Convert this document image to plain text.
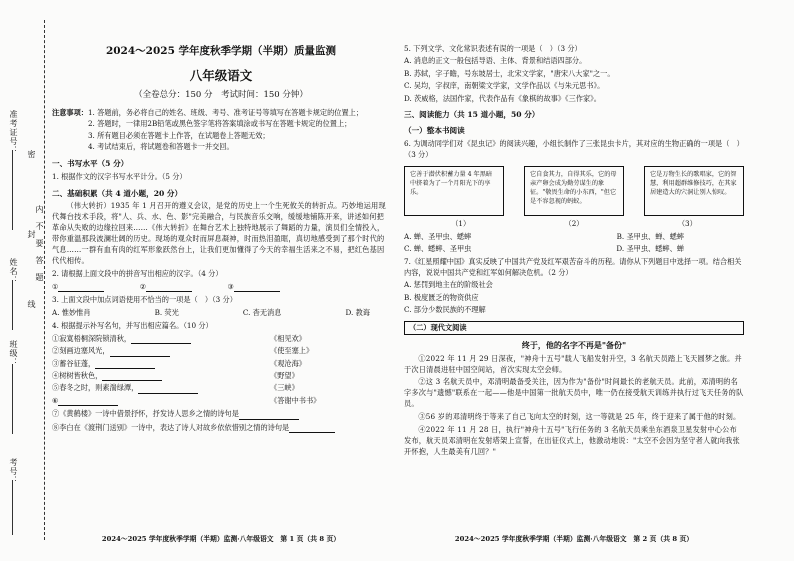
密
封
线
内
不
要
答
题
班级：
姓名：
考号：
准考证号：
2024～2025 学年度秋季学期（半期）质量监测
八年级语文
（全卷总分：150 分　考试时间：150 分钟）
注意事项： 1. 答题前，务必将自己的姓名、班级、考号、准考证号等填写在答题卡规定的位置上；
2. 答题时，一律用2B铅笔或黑色签字笔将答案填涂或书写在答题卡规定的位置上；
3. 所有题目必须在答题卡上作答，在试题卷上答题无效；
4. 考试结束后，将试题卷和答题卡一并交回。
一、书写水平（5 分）
1. 根据作文的汉字书写水平计分。（5 分）
二、基础积累（共 4 道小题，20 分）
（伟大转折）1935 年 1 月召开的遵义会议，是党的历史上一个生死攸关的转折点。巧妙地运用现代舞台技术手段，将"人、兵、水、色、影"完美融合，与民族音乐交响，缓缓地铺陈开来，讲述如何把革命从失败的边缘拉回来……《伟大转折》在舞台艺术上独特地展示了舞蹈的力量，演员们全情投入，带你重温那段波澜壮阔的历史。现场的观众时而屏息凝神，时而热泪盈眶，真切地感受到了那个时代的气息……一群有血有肉的红军形象跃然台上，让我们更加懂得了今天的幸福生活来之不易，把红色基因代代相传。
2. 请根据上面文段中的拼音写出相应的汉字。（4 分）
①	②	③
3. 上面文段中加点词语使用不恰当的一项是（　）（3 分）
A. 惟妙惟肖	B. 荧光	C. 杳无消息	D. 教诲
4. 根据提示补写名句，并写出相应篇名。（10 分）
①寂寞梧桐深院锁清秋，	《相见欢》
②刻画边塞风光，	《使至塞上》
③蓄谷征蓬，	《观沧海》
④树树皆秋色，	《野望》
⑤春冬之时，则素湍绿潭，	《三峡》
⑥	《答谢中书书》
⑦《黄鹤楼》一诗中借景抒怀，抒发诗人思乡之情的诗句是
⑧李白在《渡荆门送别》一诗中，表达了诗人对故乡依依惜别之情的诗句是
2024～2025 学年度秋季学期（半期）监测·八年级语文　第 1 页（共 8 页）
5. 下列文学、文化常识表述有误的一项是（　）（3 分）
A. 消息的正文一般包括导语、主体、背景和结语四部分。
B. 苏轼，字子瞻，号东坡居士，北宋文学家，"唐宋八大家"之一。
C. 吴均，字叔庠，南朝梁文学家，文学作品以《与朱元思书》。
D. 茨威格，法国作家，代表作品有《象棋的故事》《三作家》。
三、阅读能力（共 15 道小题，50 分）
（一）整本书阅读
6. 为调动同学们对《昆虫记》的阅读兴趣，小组长制作了三张昆虫卡片，其对应的生物正确的一项是（　）（3 分）
它善于潜伏积蓄力量 4 年黑暗中挤着为了一个月阳光下的享乐。
它自食其力，自得其乐，它的母亲产卵会成为勤劳谋生的象征。"敬畏生命的小东西，"但它是不容忽视的蚂蚁。
它是万物生长的歌唱家，它的智慧，利用超群维修技巧，在其家居建造大的穴洞让别人惊叹。
（1）	（2）	（3）
A. 蝉、圣甲虫、蟋蟀	B. 圣甲虫、蝉、蟋蟀
C. 蝉、蟋蟀、圣甲虫	D. 圣甲虫、蟋蟀、蝉
7.《红星照耀中国》真实反映了中国共产党及红军艰苦奋斗的历程。请你从下列题目中选择一项。结合相关内容，说说中国共产党和红军如何解决危机。（2 分）
A. 惩罚到地主在的阶级社会
B. 极度匮乏的物资供应
C. 部分少数民族的不理解
（二）现代文阅读
终于，他的名字不再是"备份"
①2022 年 11 月 29 日深夜，"神舟十五号"载人飞船发射升空，3 名航天员踏上飞天圆梦之旅。并于次日清晨进驻中国空间站，首次实现太空会师。
②这 3 名航天员中，邓清明最备受关注，因为作为"备份"时间最长的老航天员。此前，邓清明的名字多次与"遗憾"联系在一起——他是中国第一批航天员中，唯一仍在接受航天训练并执行过飞天任务的队员。
③56 岁的邓清明终于等来了自己飞向太空的时刻，这一等就是 25 年，终于迎来了属于他的时刻。
④2022 年 11 月 28 日，执行"神舟十五号"飞行任务的 3 名航天员乘坐东酒泉卫星发射中心公布发布，航天员邓清明在发射塔架上宣誓，在出征仪式上，他激动地说："太空不会因为坚守者人就向我张开怀抱，人生最美有几回？"
2024～2025 学年度秋季学期（半期）监测·八年级语文　第 2 页（共 8 页）
